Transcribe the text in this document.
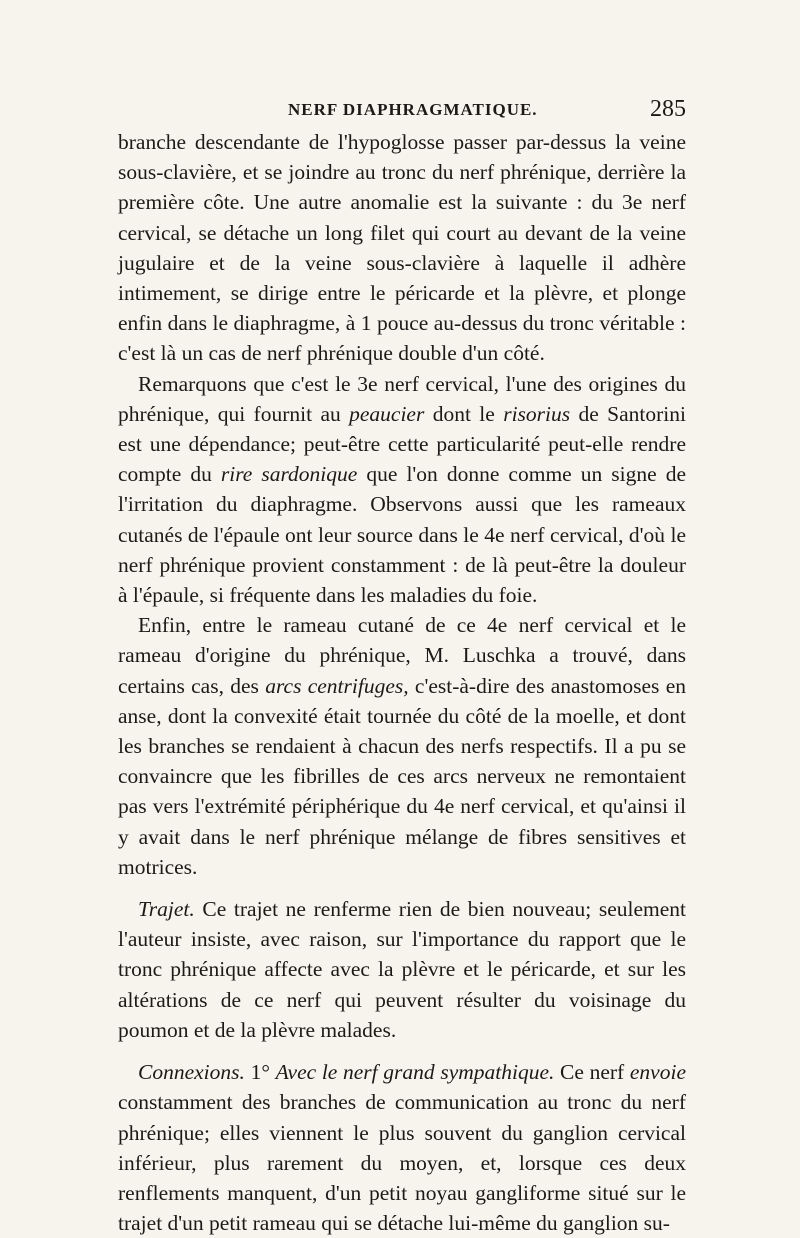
NERF DIAPHRAGMATIQUE.	285

branche descendante de l'hypoglosse passer par-dessus la veine sous-clavière, et se joindre au tronc du nerf phrénique, derrière la première côte. Une autre anomalie est la suivante : du 3e nerf cervical, se détache un long filet qui court au devant de la veine jugulaire et de la veine sous-clavière à laquelle il adhère intimement, se dirige entre le péricarde et la plèvre, et plonge enfin dans le diaphragme, à 1 pouce au-dessus du tronc véritable : c'est là un cas de nerf phrénique double d'un côté.

Remarquons que c'est le 3e nerf cervical, l'une des origines du phrénique, qui fournit au peaucier dont le risorius de Santorini est une dépendance; peut-être cette particularité peut-elle rendre compte du rire sardonique que l'on donne comme un signe de l'irritation du diaphragme. Observons aussi que les rameaux cutanés de l'épaule ont leur source dans le 4e nerf cervical, d'où le nerf phrénique provient constamment : de là peut-être la douleur à l'épaule, si fréquente dans les maladies du foie.

Enfin, entre le rameau cutané de ce 4e nerf cervical et le rameau d'origine du phrénique, M. Luschka a trouvé, dans certains cas, des arcs centrifuges, c'est-à-dire des anastomoses en anse, dont la convexité était tournée du côté de la moelle, et dont les branches se rendaient à chacun des nerfs respectifs. Il a pu se convaincre que les fibrilles de ces arcs nerveux ne remontaient pas vers l'extrémité périphérique du 4e nerf cervical, et qu'ainsi il y avait dans le nerf phrénique mélange de fibres sensitives et motrices.

Trajet. Ce trajet ne renferme rien de bien nouveau; seulement l'auteur insiste, avec raison, sur l'importance du rapport que le tronc phrénique affecte avec la plèvre et le péricarde, et sur les altérations de ce nerf qui peuvent résulter du voisinage du poumon et de la plèvre malades.

Connexions. 1° Avec le nerf grand sympathique. Ce nerf envoie constamment des branches de communication au tronc du nerf phrénique; elles viennent le plus souvent du ganglion cervical inférieur, plus rarement du moyen, et, lorsque ces deux renflements manquent, d'un petit noyau gangliforme situé sur le trajet d'un petit rameau qui se détache lui-même du ganglion su-
